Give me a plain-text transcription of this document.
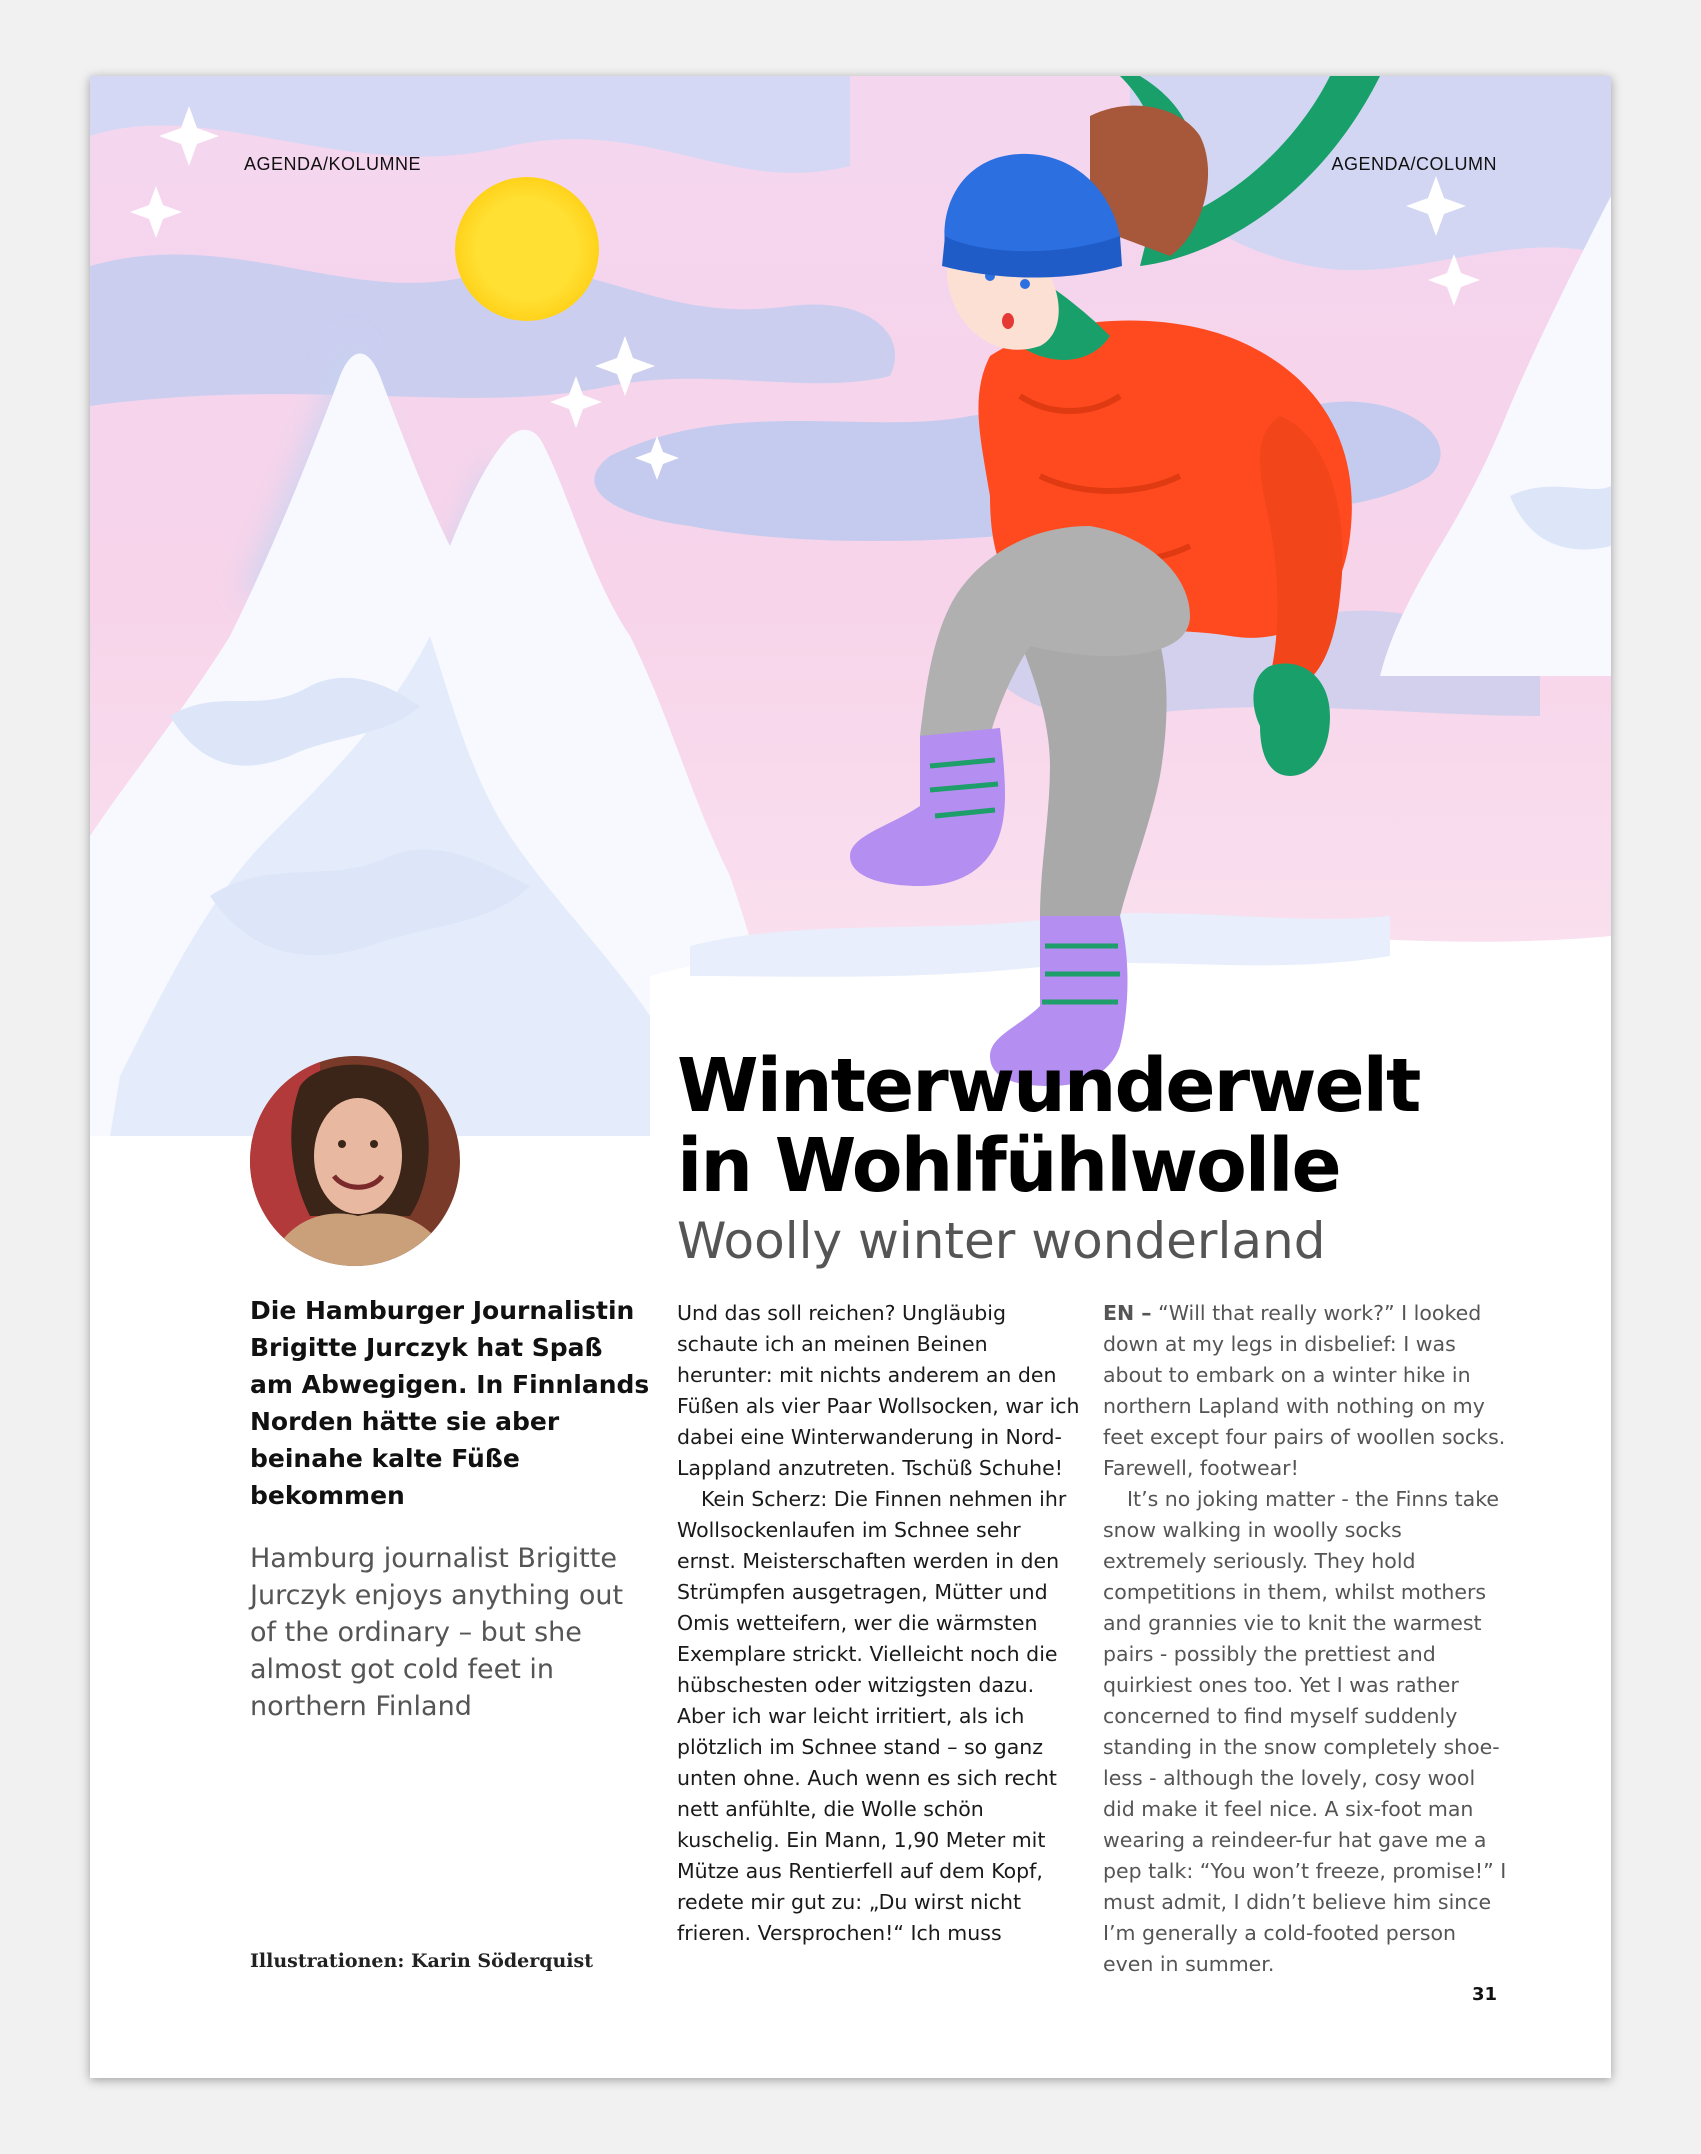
AGENDA/KOLUMNE	AGENDA/COLUMN
Winterwunderwelt
in Wohlfühlwolle
Woolly winter wonderland

Die Hamburger Journalistin Brigitte Jurczyk hat Spaß am Abwegigen. In Finnlands Norden hätte sie aber beinahe kalte Füße bekommen

Hamburg journalist Brigitte Jurczyk enjoys anything out of the ordinary – but she almost got cold feet in northern Finland

Und das soll reichen? Ungläubig schaute ich an meinen Beinen herunter: mit nichts anderem an den Füßen als vier Paar Wollsocken, war ich dabei eine Winterwanderung in Nord-Lappland anzutreten. Tschüß Schuhe!

Kein Scherz: Die Finnen nehmen ihr Wollsockenlaufen im Schnee sehr ernst. Meisterschaften werden in den Strümpfen ausgetragen, Mütter und Omis wetteifern, wer die wärmsten Exemplare strickt. Vielleicht noch die hübschesten oder witzigsten dazu. Aber ich war leicht irritiert, als ich plötzlich im Schnee stand – so ganz unten ohne. Auch wenn es sich recht nett anfühlte, die Wolle schön kuschelig. Ein Mann, 1,90 Meter mit Mütze aus Rentierfell auf dem Kopf, redete mir gut zu: „Du wirst nicht frieren. Versprochen!“ Ich muss

EN – “Will that really work?” I looked down at my legs in disbelief: I was about to embark on a winter hike in northern Lapland with nothing on my feet except four pairs of woollen socks. Farewell, footwear!

It’s no joking matter - the Finns take snow walking in woolly socks extremely seriously. They hold competitions in them, whilst mothers and grannies vie to knit the warmest pairs - possibly the prettiest and quirkiest ones too. Yet I was rather concerned to find myself suddenly standing in the snow completely shoe-less - although the lovely, cosy wool did make it feel nice. A six-foot man wearing a reindeer-fur hat gave me a pep talk: “You won’t freeze, promise!” I must admit, I didn’t believe him since I’m generally a cold-footed person even in summer.

Illustrationen: Karin Söderquist
31
